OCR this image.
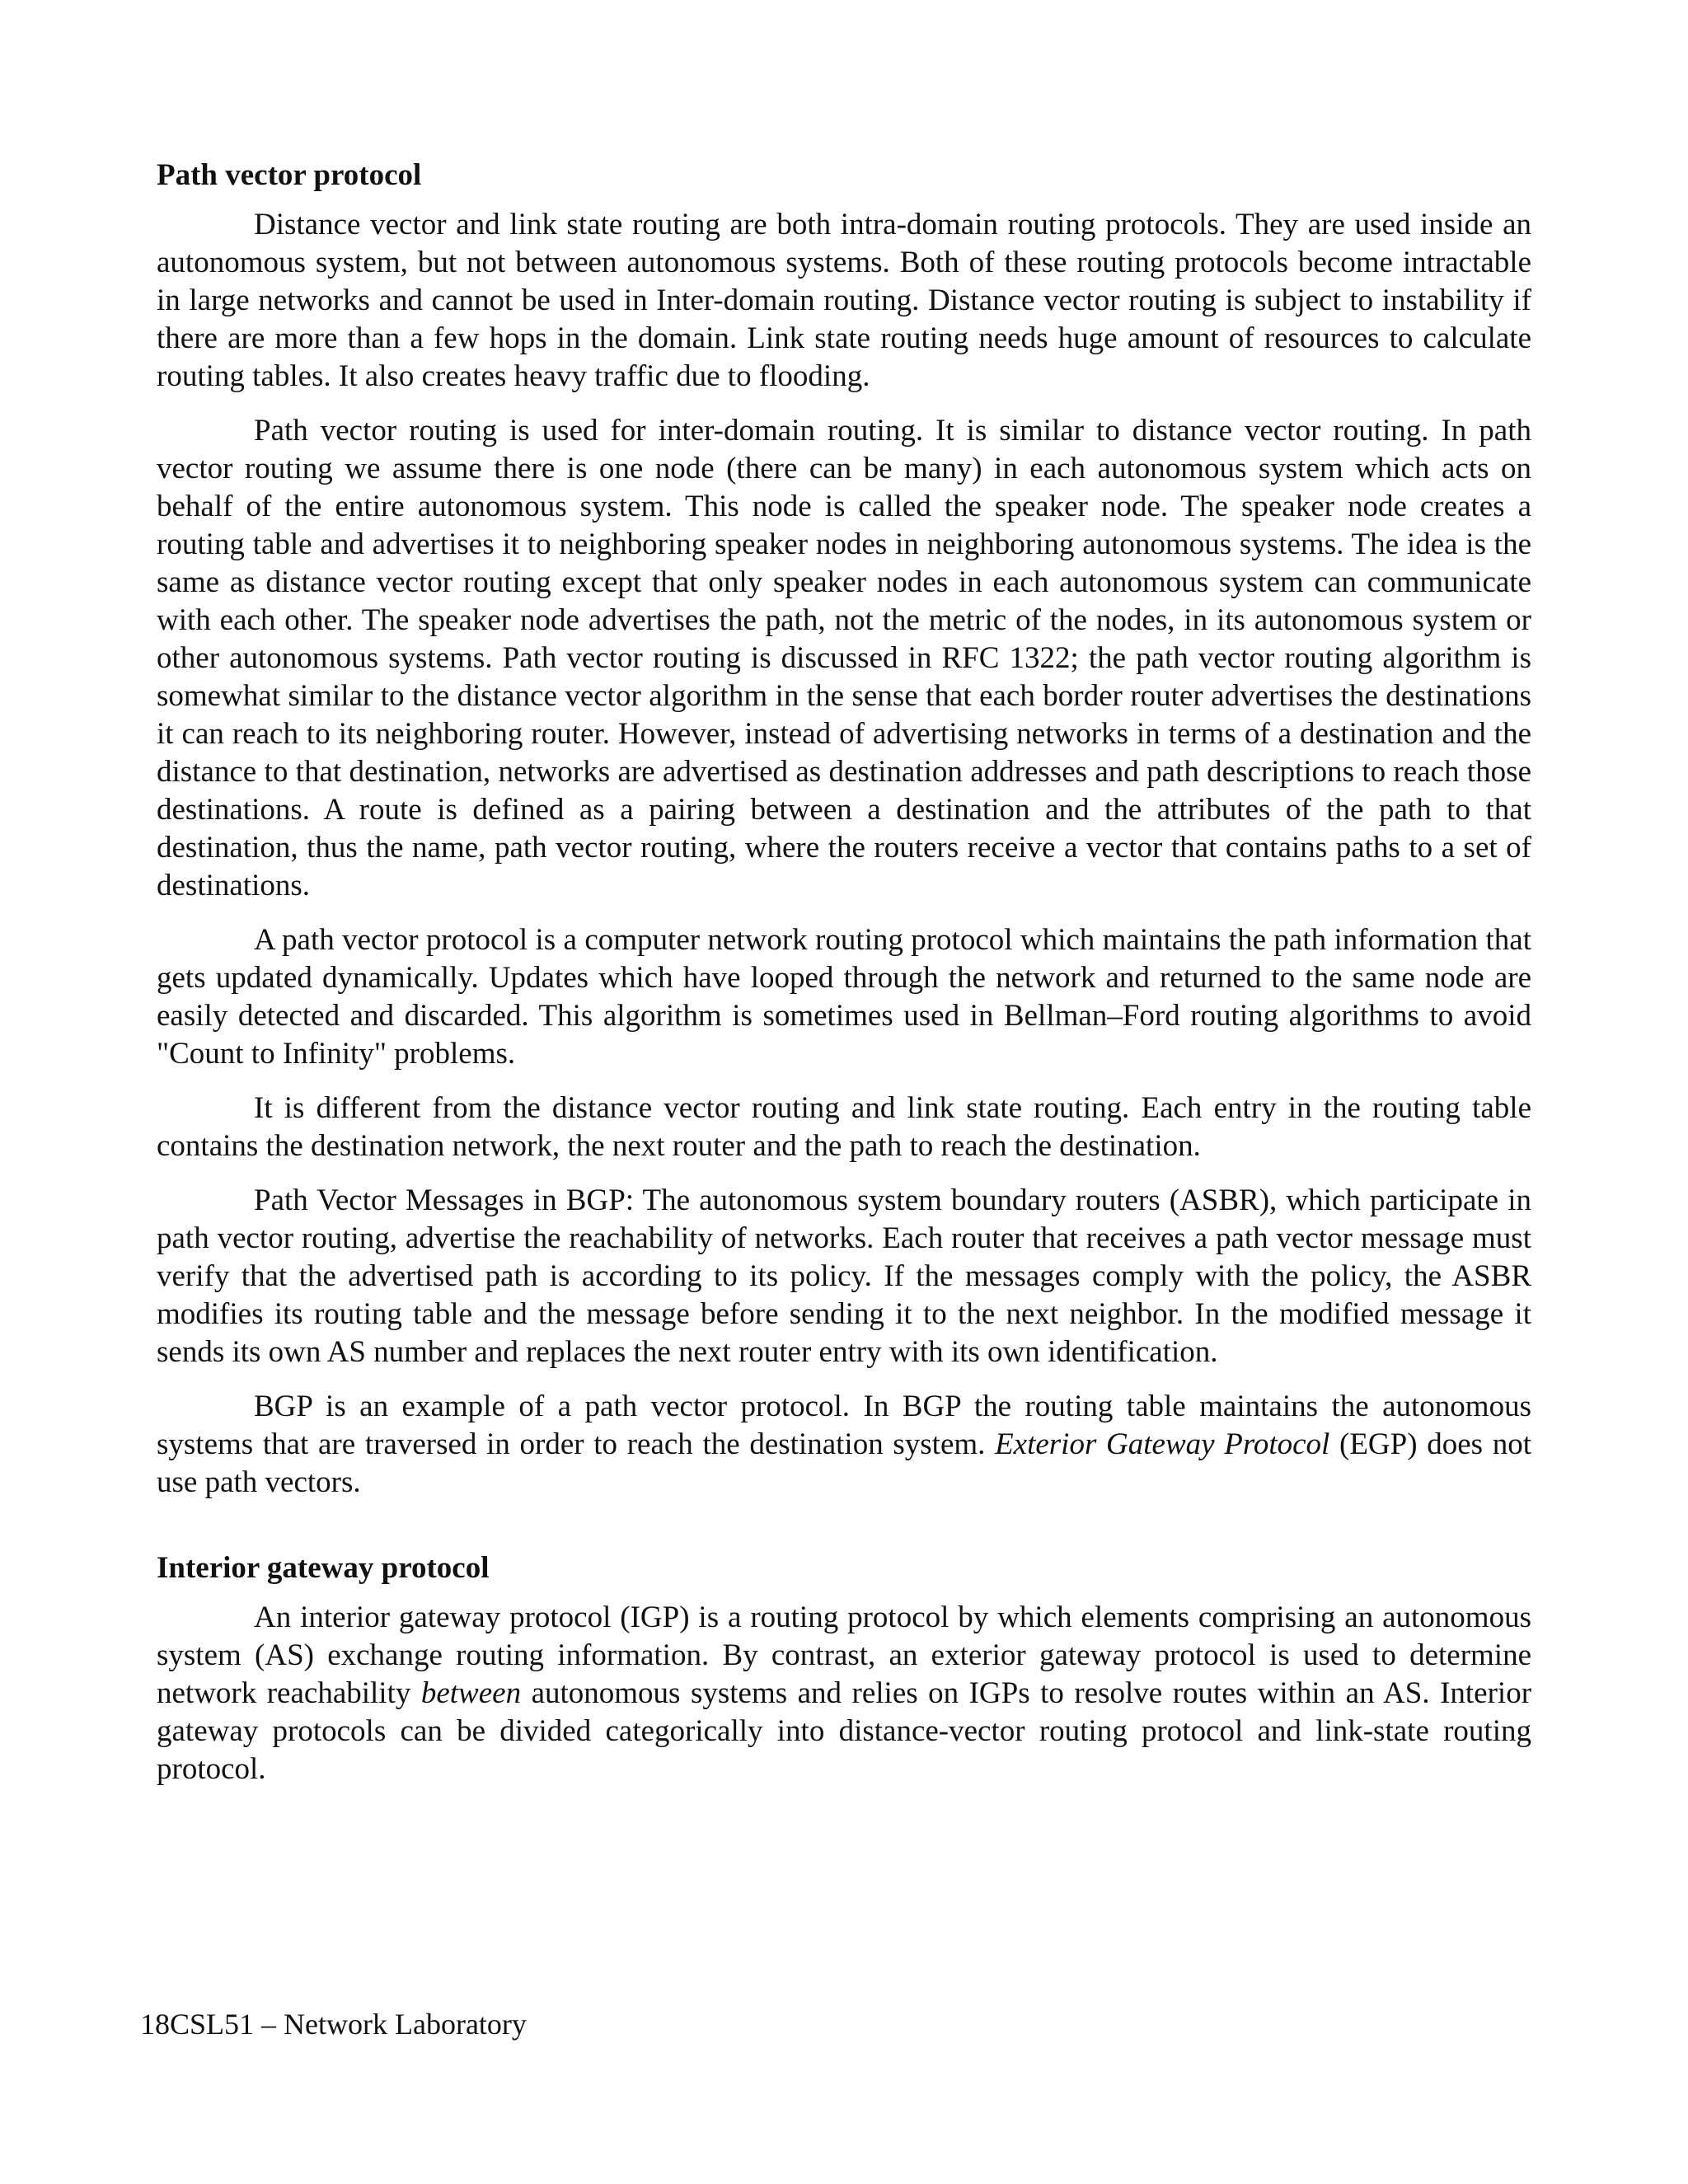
Path vector protocol

Distance vector and link state routing are both intra-domain routing protocols. They are used inside an autonomous system, but not between autonomous systems. Both of these routing protocols become intractable in large networks and cannot be used in Inter-domain routing. Distance vector routing is subject to instability if there are more than a few hops in the domain. Link state routing needs huge amount of resources to calculate routing tables. It also creates heavy traffic due to flooding.

Path vector routing is used for inter-domain routing. It is similar to distance vector routing. In path vector routing we assume there is one node (there can be many) in each autonomous system which acts on behalf of the entire autonomous system. This node is called the speaker node. The speaker node creates a routing table and advertises it to neighboring speaker nodes in neighboring autonomous systems. The idea is the same as distance vector routing except that only speaker nodes in each autonomous system can communicate with each other. The speaker node advertises the path, not the metric of the nodes, in its autonomous system or other autonomous systems. Path vector routing is discussed in RFC 1322; the path vector routing algorithm is somewhat similar to the distance vector algorithm in the sense that each border router advertises the destinations it can reach to its neighboring router. However, instead of advertising networks in terms of a destination and the distance to that destination, networks are advertised as destination addresses and path descriptions to reach those destinations. A route is defined as a pairing between a destination and the attributes of the path to that destination, thus the name, path vector routing, where the routers receive a vector that contains paths to a set of destinations.

A path vector protocol is a computer network routing protocol which maintains the path information that gets updated dynamically. Updates which have looped through the network and returned to the same node are easily detected and discarded. This algorithm is sometimes used in Bellman–Ford routing algorithms to avoid "Count to Infinity" problems.

It is different from the distance vector routing and link state routing. Each entry in the routing table contains the destination network, the next router and the path to reach the destination.

Path Vector Messages in BGP: The autonomous system boundary routers (ASBR), which participate in path vector routing, advertise the reachability of networks. Each router that receives a path vector message must verify that the advertised path is according to its policy. If the messages comply with the policy, the ASBR modifies its routing table and the message before sending it to the next neighbor. In the modified message it sends its own AS number and replaces the next router entry with its own identification.

BGP is an example of a path vector protocol. In BGP the routing table maintains the autonomous systems that are traversed in order to reach the destination system. Exterior Gateway Protocol (EGP) does not use path vectors.

Interior gateway protocol

An interior gateway protocol (IGP) is a routing protocol by which elements comprising an autonomous system (AS) exchange routing information. By contrast, an exterior gateway protocol is used to determine network reachability between autonomous systems and relies on IGPs to resolve routes within an AS. Interior gateway protocols can be divided categorically into distance-vector routing protocol and link-state routing protocol.

18CSL51 – Network Laboratory
